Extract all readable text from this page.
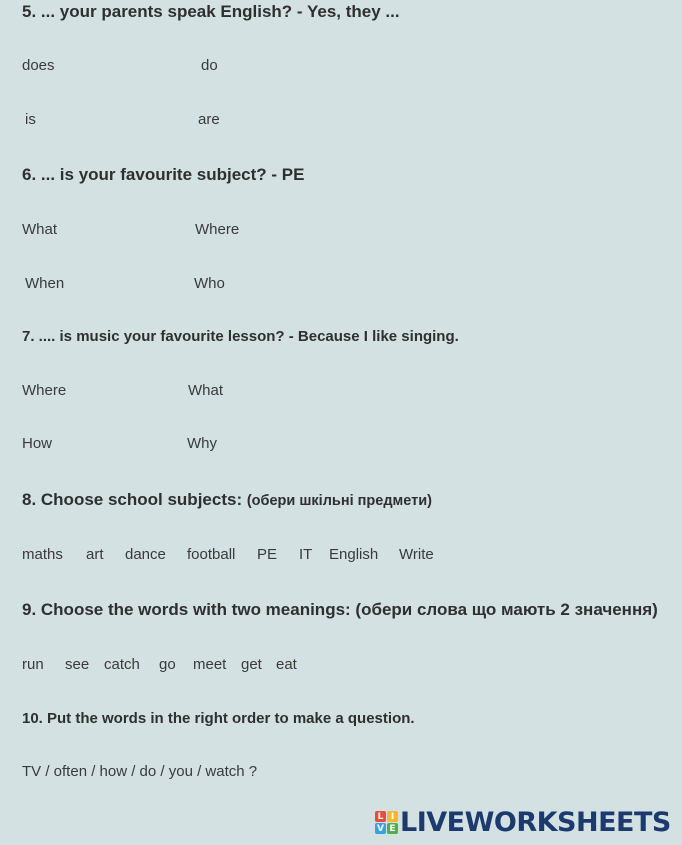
5. ... your parents speak English? - Yes, they ...
does	do
is	are
6. ... is your favourite subject? - PE
What	Where
When	Who
7. .... is music your favourite lesson? - Because I like singing.
Where	What
How	Why
8. Choose school subjects: (обери шкільні предмети)
maths art dance football PE IT English Write
9. Choose the words with two meanings: (обери слова що мають 2 значення)
run see catch go meet get eat
10. Put the words in the right order to make a question.
TV / often / how / do / you / watch ?
L I
V E LIVEWORKSHEETS
